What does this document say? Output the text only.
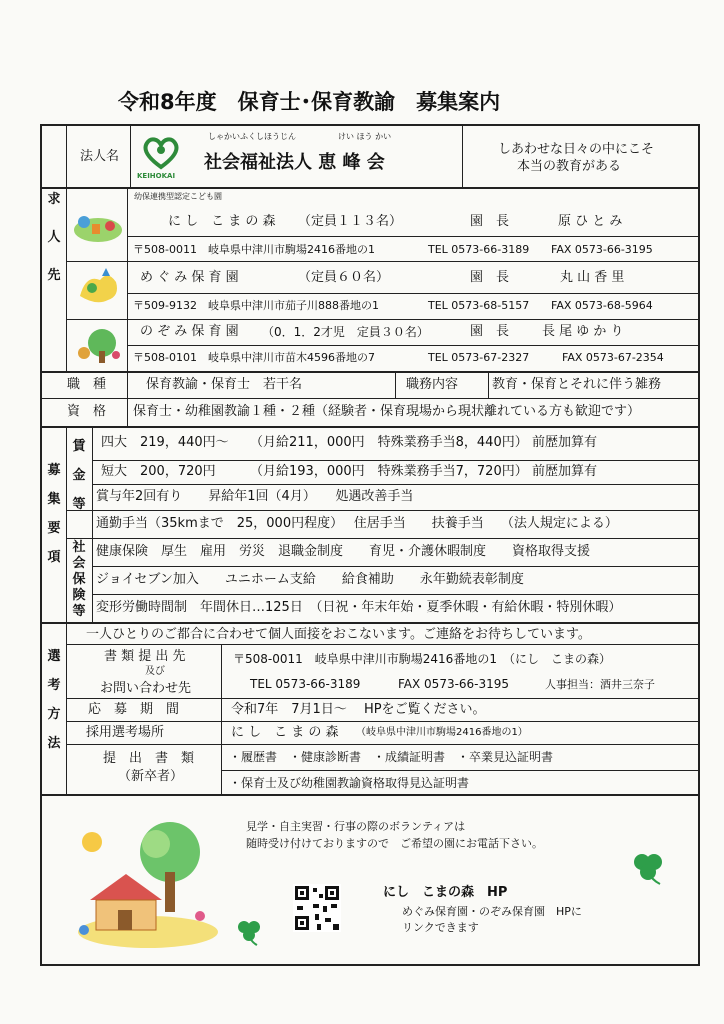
令和8年度　保育士･保育教諭　募集案内
法人名
KEIHOKAI
しゃかいふくしほうじん	けい ほう かい
社会福祉法人 恵 峰 会
しあわせな日々の中にこそ
本当の教育がある
求
人
先
幼保連携型認定こども園
に し　こ ま の 森 （定員１１３名）	園　長	原 ひ と み
〒508-0011　岐阜県中津川市駒場2416番地の1	TEL 0573-66-3189 FAX 0573-66-3195
め ぐ み 保 育 園	（定員６０名）	園　長	丸 山 香 里
〒509-9132　岐阜県中津川市茄子川888番地の1	TEL 0573-68-5157 FAX 0573-68-5964
の ぞ み 保 育 園 （0．1．2才児　定員３０名）	園　長	長 尾 ゆ か り
〒508-0101　岐阜県中津川市苗木4596番地の7	TEL 0573-67-2327	FAX 0573-67-2354
職　種	保育教諭・保育士　若干名	職務内容	教育・保育とそれに伴う雑務
資　格 保育士・幼稚園教諭１種・２種（経験者・保育現場から現状離れている方も歓迎です）
募
集
要
項
賃
金
等
社
会
保
険
等
四大　219，440円～ （月給211，000円　特殊業務手当8，440円） 前歴加算有
短大　200，720円	（月給193，000円　特殊業務手当7，720円） 前歴加算有
賞与年2回有り　　昇給年1回（4月）　　処遇改善手当
通勤手当（35kmまで　25，000円程度）　 住居手当　　扶養手当　 （法人規定による）
健康保険　厚生　雇用　労災　退職金制度　　育児・介護休暇制度　　資格取得支援
ジョイセブン加入　　ユニホーム支給　　給食補助　　永年勤続表彰制度
変形労働時間制　年間休日…125日　（日祝・年末年始・夏季休暇・有給休暇・特別休暇）
選
考
方
法
一人ひとりのご都合に合わせて個人面接をおこないます。ご連絡をお待ちしています。
書 類 提 出 先
及び
お問い合わせ先
〒508-0011　岐阜県中津川市駒場2416番地の1　（にし　こまの森）
TEL 0573-66-3189	FAX 0573-66-3195	人事担当：酒井三奈子
応　募　期　間	令和7年　7月1日～　 HPをご覧ください。
採用選考場所	に し　こ ま の 森 （岐阜県中津川市駒場2416番地の1）
提　出　書　類
（新卒者）
・履歴書　・健康診断書　・成績証明書　・卒業見込証明書
・保育士及び幼稚園教諭資格取得見込証明書
見学・自主実習・行事の際のボランティアは
随時受け付けておりますので　ご希望の園にお電話下さい。
にし　こまの森　HP
めぐみ保育園・のぞみ保育園　HPに
リンクできます
